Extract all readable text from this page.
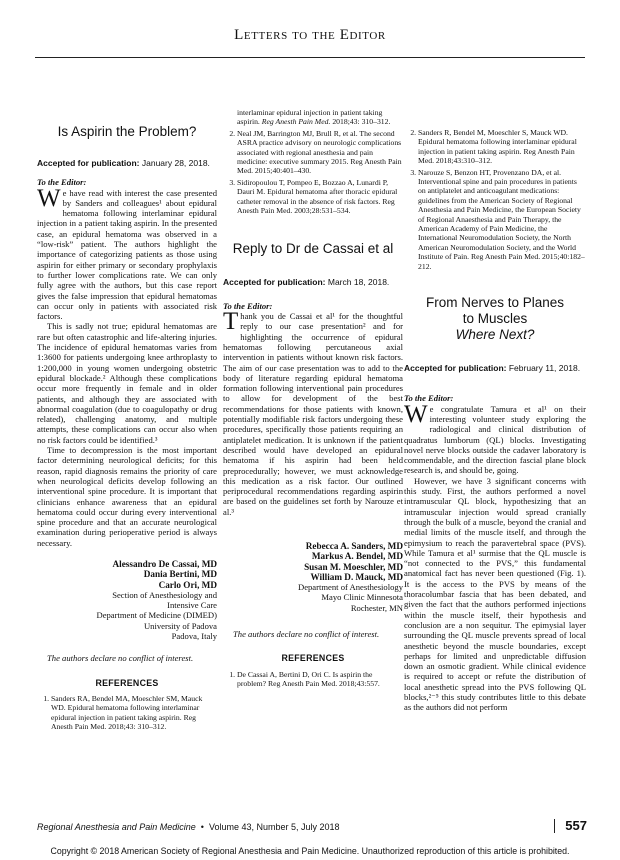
Letters to the Editor
Is Aspirin the Problem?

Accepted for publication: January 28, 2018.

To the Editor:

We have read with interest the case presented by Sanders and colleagues¹ about epidural hematoma following interlaminar epidural injection in a patient taking aspirin. In the presented case, an epidural hematoma was observed in a “low-risk” patient. The authors highlight the importance of categorizing patients as those using aspirin for either primary or secondary prophylaxis to further lower complications rate. We can only fully agree with the authors, but this case report gives the false impression that epidural hematomas can occur only in patients with associated risk factors.

This is sadly not true; epidural hematomas are rare but often catastrophic and life-altering injuries. The incidence of epidural hematomas varies from 1:3600 for patients undergoing knee arthroplasty to 1:200,000 in young women undergoing obstetric epidural blockade.² Although these complications occur more frequently in female and in older patients, and although they are associated with abnormal coagulation (due to coagulopathy or drug related), challenging anatomy, and multiple attempts, these complications can occur also when no risk factors could be identified.³

Time to decompression is the most important factor determining neurological deficits; for this reason, rapid diagnosis remains the priority of care when neurological deficits develop following an interventional spine procedure. It is important that clinicians enhance awareness that an epidural hematoma could occur during every interventional spine procedure and that an accurate neurological examination during perioperative period is always necessary.

Alessandro De Cassai, MD
Dania Bertini, MD
Carlo Ori, MD
Section of Anesthesiology and
Intensive Care
Department of Medicine (DIMED)
University of Padova
Padova, Italy

The authors declare no conflict of interest.

REFERENCES

1. Sanders RA, Bendel MA, Moeschler SM, Mauck WD. Epidural hematoma following interlaminar epidural injection in patient taking aspirin. Reg Anesth Pain Med. 2018;43: 310–312.
interlaminar epidural injection in patient taking aspirin. Reg Anesth Pain Med. 2018;43: 310–312.
2. Neal JM, Barrington MJ, Brull R, et al. The second ASRA practice advisory on neurologic complications associated with regional anesthesia and pain medicine: executive summary 2015. Reg Anesth Pain Med. 2015;40:401–430.
3. Sidiropoulou T, Pompeo E, Bozzao A, Lunardi P, Dauri M. Epidural hematoma after thoracic epidural catheter removal in the absence of risk factors. Reg Anesth Pain Med. 2003;28:531–534.
Reply to Dr de Cassai et al

Accepted for publication: March 18, 2018.

To the Editor:

Thank you de Cassai et al¹ for the thoughtful reply to our case presentation² and for highlighting the occurrence of epidural hematomas following percutaneous axial intervention in patients without known risk factors. The aim of our case presentation was to add to the body of literature regarding epidural hematoma formation following interventional pain procedures to allow for development of the best recommendations for those patients with known, potentially modifiable risk factors undergoing these procedures, specifically those patients requiring an antiplatelet medication. It is unknown if the patient described would have developed an epidural hematoma if his aspirin had been held preprocedurally; however, we must acknowledge this medication as a risk factor. Our outlined periprocedural recommendations regarding aspirin are based on the guidelines set forth by Narouze et al.³

Rebecca A. Sanders, MD
Markus A. Bendel, MD
Susan M. Moeschler, MD
William D. Mauck, MD
Department of Anesthesiology
Mayo Clinic Minnesota
Rochester, MN

The authors declare no conflict of interest.

REFERENCES

1. De Cassai A, Bertini D, Ori C. Is aspirin the problem? Reg Anesth Pain Med. 2018;43:557.
2. Sanders R, Bendel M, Moeschler S, Mauck WD. Epidural hematoma following interlaminar epidural injection in patient taking aspirin. Reg Anesth Pain Med. 2018;43:310–312.
3. Narouze S, Benzon HT, Provenzano DA, et al. Interventional spine and pain procedures in patients on antiplatelet and anticoagulant medications: guidelines from the American Society of Regional Anesthesia and Pain Medicine, the European Society of Regional Anaesthesia and Pain Therapy, the American Academy of Pain Medicine, the International Neuromodulation Society, the North American Neuromodulation Society, and the World Institute of Pain. Reg Anesth Pain Med. 2015;40:182–212.
From Nerves to Planes
to Muscles
Where Next?

Accepted for publication: February 11, 2018.

To the Editor:

We congratulate Tamura et al¹ on their interesting volunteer study exploring the radiological and clinical distribution of quadratus lumborum (QL) blocks. Investigating novel nerve blocks outside the cadaver laboratory is commendable, and the direction fascial plane block research is, and should be, going.

However, we have 3 significant concerns with this study. First, the authors performed a novel intramuscular QL block, hypothesizing that an intramuscular injection would spread cranially through the bulk of a muscle, beyond the cranial and medial limits of the muscle itself, and through the epimysium to reach the paravertebral space (PVS). While Tamura et al¹ surmise that the QL muscle is “not connected to the PVS,” this fundamental anatomical fact has never been questioned (Fig. 1). It is the access to the PVS by means of the thoracolumbar fascia that has been debated, and given the fact that the authors performed injections within the muscle itself, their hypothesis and conclusion are a non sequitur. The epimysial layer surrounding the QL muscle prevents spread of local anesthetic beyond the muscle boundaries, except perhaps for limited and unpredictable diffusion down an osmotic gradient. While clinical evidence is required to accept or refute the distribution of local anesthetic spread into the PVS following QL blocks,²⁻⁵ this study contributes little to this debate as the authors did not perform

Regional Anesthesia and Pain Medicine  •  Volume 43, Number 5, July 2018	557
Copyright © 2018 American Society of Regional Anesthesia and Pain Medicine. Unauthorized reproduction of this article is prohibited.
